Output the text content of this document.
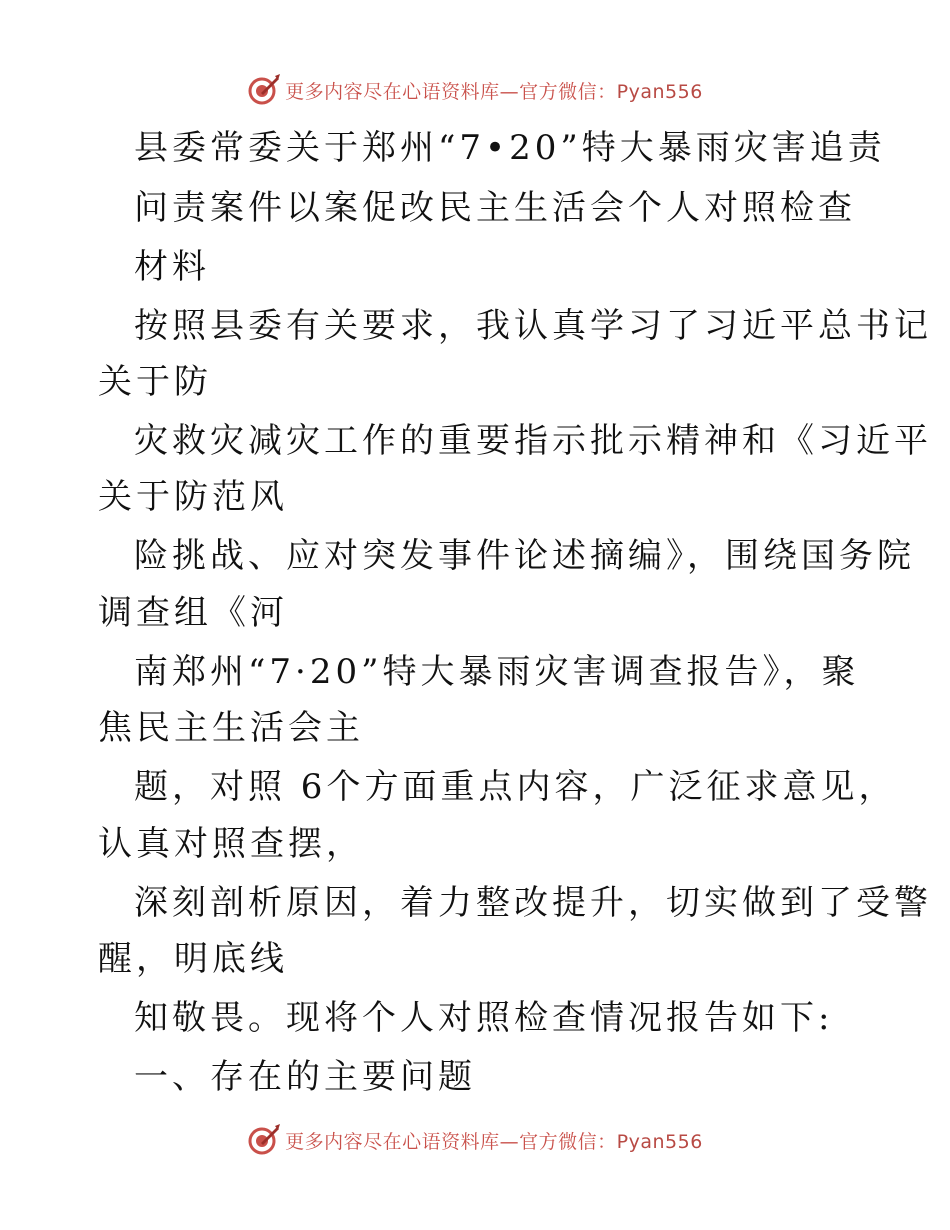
更多内容尽在心语资料库—官方微信：Pyan556
县委常委关于郑州“7•20”特大暴雨灾害追责
问责案件以案促改民主生活会个人对照检查
材料
按照县委有关要求，我认真学习了习近平总书记
关于防
灾救灾减灾工作的重要指示批示精神和《习近平
关于防范风
险挑战、应对突发事件论述摘编》，围绕国务院
调查组《河
南郑州“7·20”特大暴雨灾害调查报告》，聚
焦民主生活会主
题，对照 6个方面重点内容，广泛征求意见，
认真对照查摆，
深刻剖析原因，着力整改提升，切实做到了受警
醒，明底线
知敬畏。现将个人对照检查情况报告如下:
一、存在的主要问题
更多内容尽在心语资料库—官方微信：Pyan556
